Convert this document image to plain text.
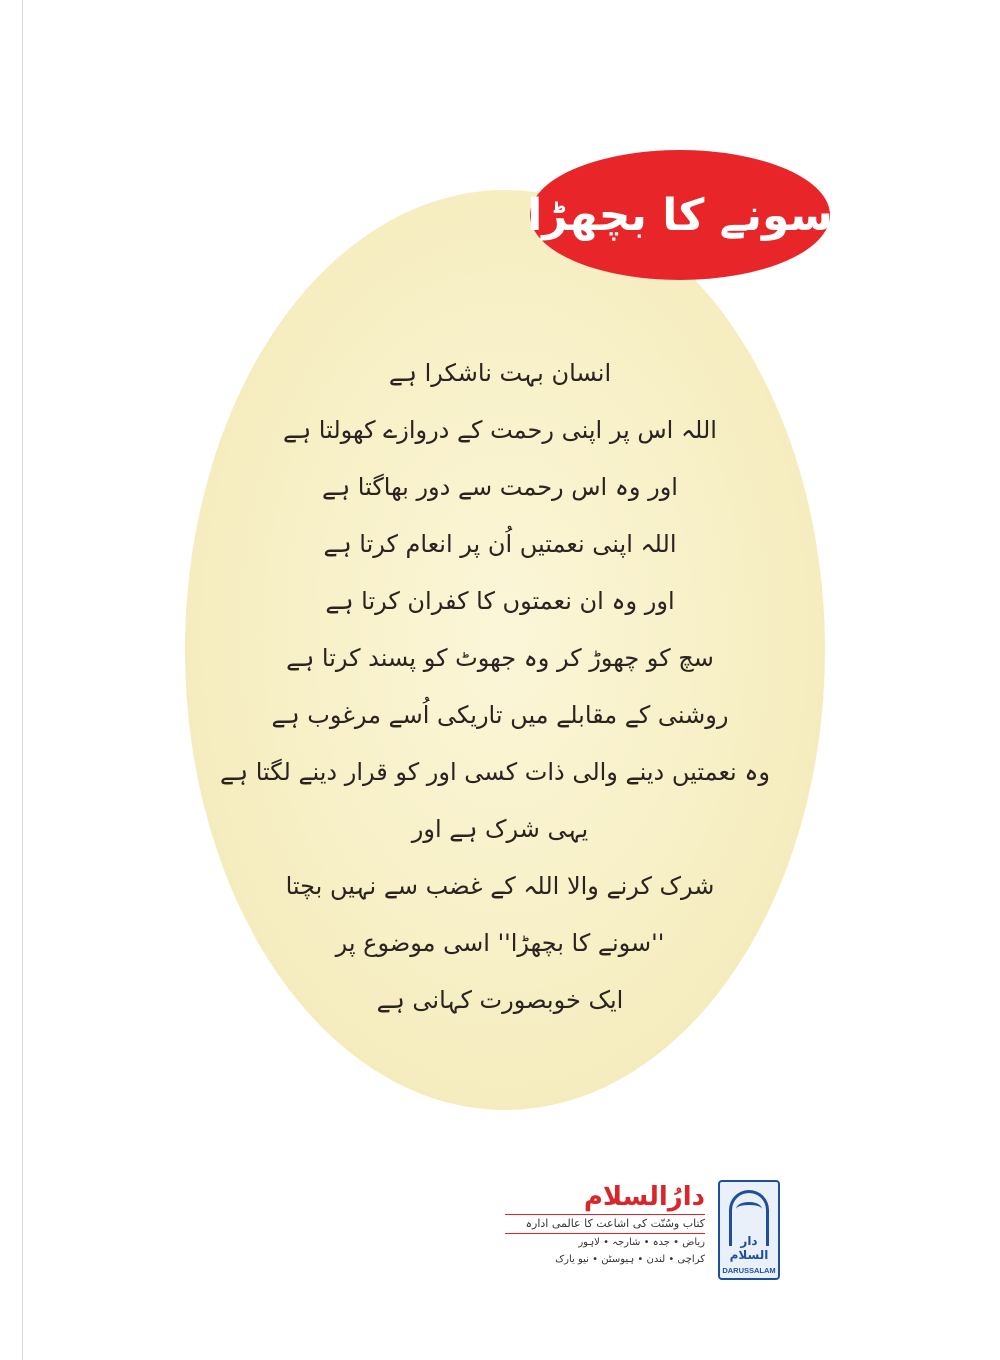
سونے کا بچھڑا
انسان بہت ناشکرا ہے
اللہ اس پر اپنی رحمت کے دروازے کھولتا ہے
اور وہ اس رحمت سے دور بھاگتا ہے
اللہ اپنی نعمتیں اُن پر انعام کرتا ہے
اور وہ ان نعمتوں کا کفران کرتا ہے
سچ کو چھوڑ کر وہ جھوٹ کو پسند کرتا ہے
روشنی کے مقابلے میں تاریکی اُسے مرغوب ہے
وہ نعمتیں دینے والی ذات کسی اور کو قرار دینے لگتا ہے
یہی شرک ہے اور
شرک کرنے والا اللہ کے غضب سے نہیں بچتا
''سونے کا بچھڑا'' اسی موضوع پر
ایک خوبصورت کہانی ہے
دارُالسلام
کتاب وسُنّت کی اشاعت کا عالمی ادارہ
ریاض • جدہ • شارجہ • لاہور
کراچی • لندن • ہیوسٹن • نیو یارک
دار السلام
DARUSSALAM
